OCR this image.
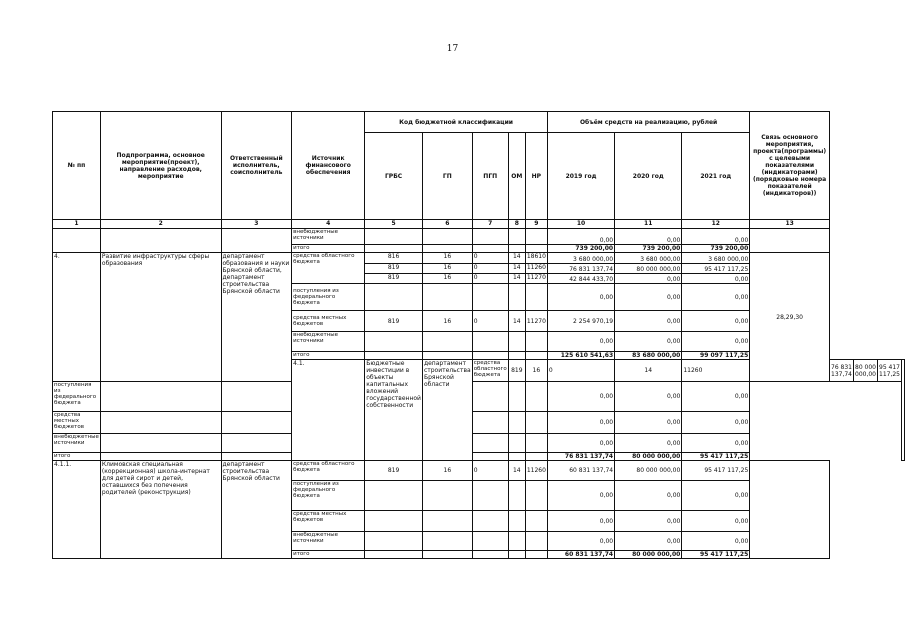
17
№ пп	Подпрограмма, основное мероприятие(проект), направление расходов, мероприятие	Ответственный исполнитель, соисполнитель	Источник финансового обеспечения	Код бюджетной классификации					Объём средств на реализацию, рублей			Связь основного мероприятия, проекта(программы) с целевыми показателями (индикаторами) (порядковые номера показателей (индикаторов))				
				ГРБС	ГП	ПГП	ОМ	НР	2019 год	2020 год	2021 год					
1	2	3	4	5	6	7	8	9	10	11	12	13				
			внебюджетные источники						0,00	0,00	0,00					
			итого						739 200,00	739 200,00	739 200,00					
4.	Развитие инфраструктуры сферы образования	департамент образования и науки Брянской области, департамент строительства Брянской области	средства областного бюджета	816	16	0	14	18610	3 680 000,00	3 680 000,00	3 680 000,00	28,29,30				
				819	16	0	14	11260	76 831 137,74	80 000 000,00	95 417 117,25					
				819	16	0	14	11270	42 844 433,70	0,00	0,00					
			поступления из федерального бюджета						0,00	0,00	0,00					
			средства местных бюджетов	819	16	0	14	11270	2 254 970,19	0,00	0,00					
			внебюджетные источники						0,00	0,00	0,00					
			итого						125 610 541,63	83 680 000,00	99 097 117,25					
			4.1.	Бюджетные инвестиции в объекты капитальных вложений государственной собственности	департамент строительства Брянской области	средства областного бюджета	819	16	0	14	11260		76 831 137,74	80 000 000,00	95 417 117,25	
поступления из федерального бюджета									0,00	0,00	0,00					
средства местных бюджетов									0,00	0,00	0,00					
внебюджетные источники									0,00	0,00	0,00					
итого									76 831 137,74	80 000 000,00	95 417 117,25					
4.1.1.	Климовская специальная (коррекционная) школа-интернат для детей сирот и детей, оставшихся без попечения родителей (реконструкция)	департамент строительства Брянской области	средства областного бюджета	819	16	0	14	11260	60 831 137,74	80 000 000,00	95 417 117,25					
			поступления из федерального бюджета						0,00	0,00	0,00					
			средства местных бюджетов						0,00	0,00	0,00					
			внебюджетные источники						0,00	0,00	0,00					
			итого						60 831 137,74	80 000 000,00	95 417 117,25					
